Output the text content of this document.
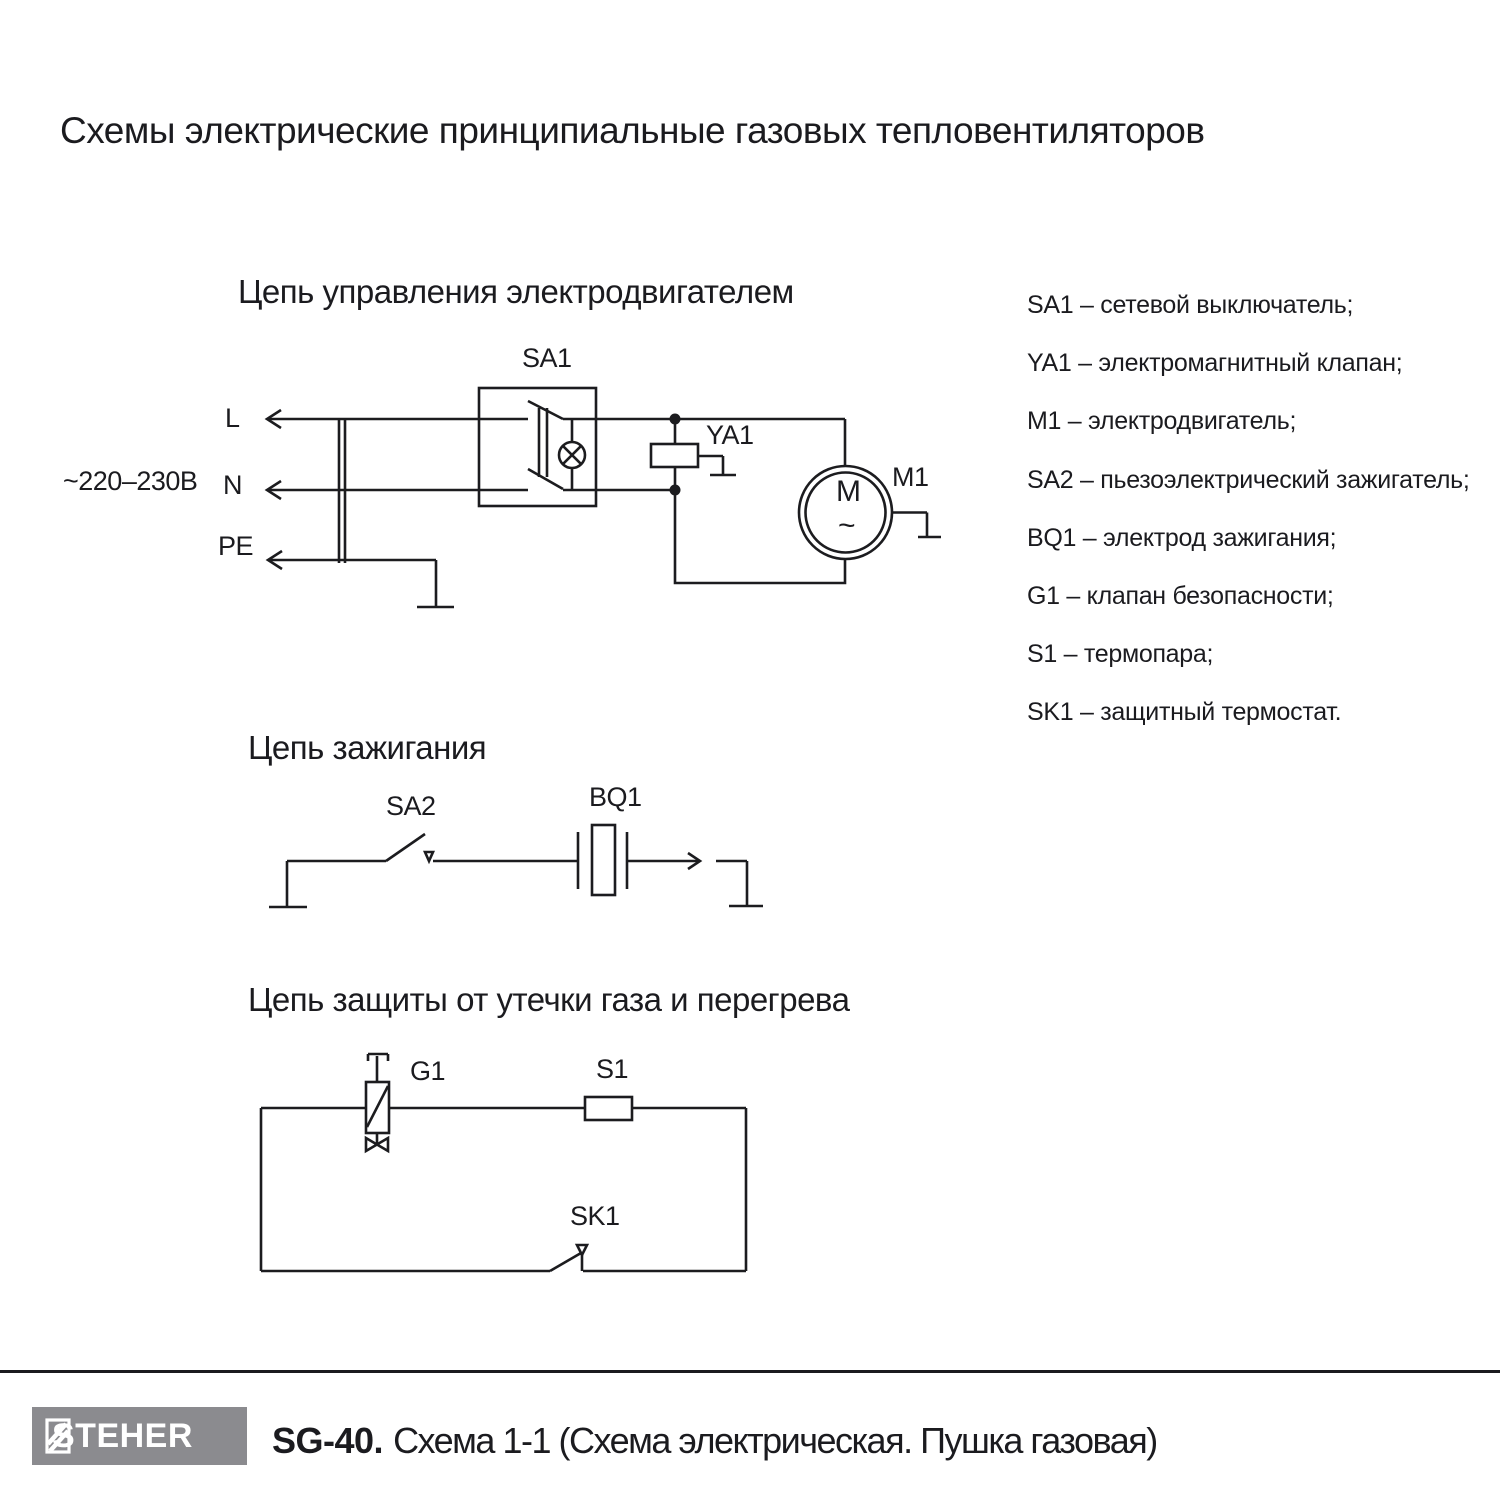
Схемы электрические принципиальные газовых тепловентиляторов
Цепь управления электродвигателем	SA1 – сетевой выключатель;
YA1 – электромагнитный клапан;
M1 – электродвигатель;
SA2 – пьезоэлектрический зажигатель;
BQ1 – электрод зажигания;
G1 – клапан безопасности;
S1 – термопара;
SK1 – защитный термостат.
~220–230В
L
N
PE
SA1
YA1
M1
M
~
Цепь зажигания
SA2	BQ1
Цепь защиты от утечки газа и перегрева
G1	S1
SK1
STEHER SG-40. Схема 1-1 (Схема электрическая. Пушка газовая)
